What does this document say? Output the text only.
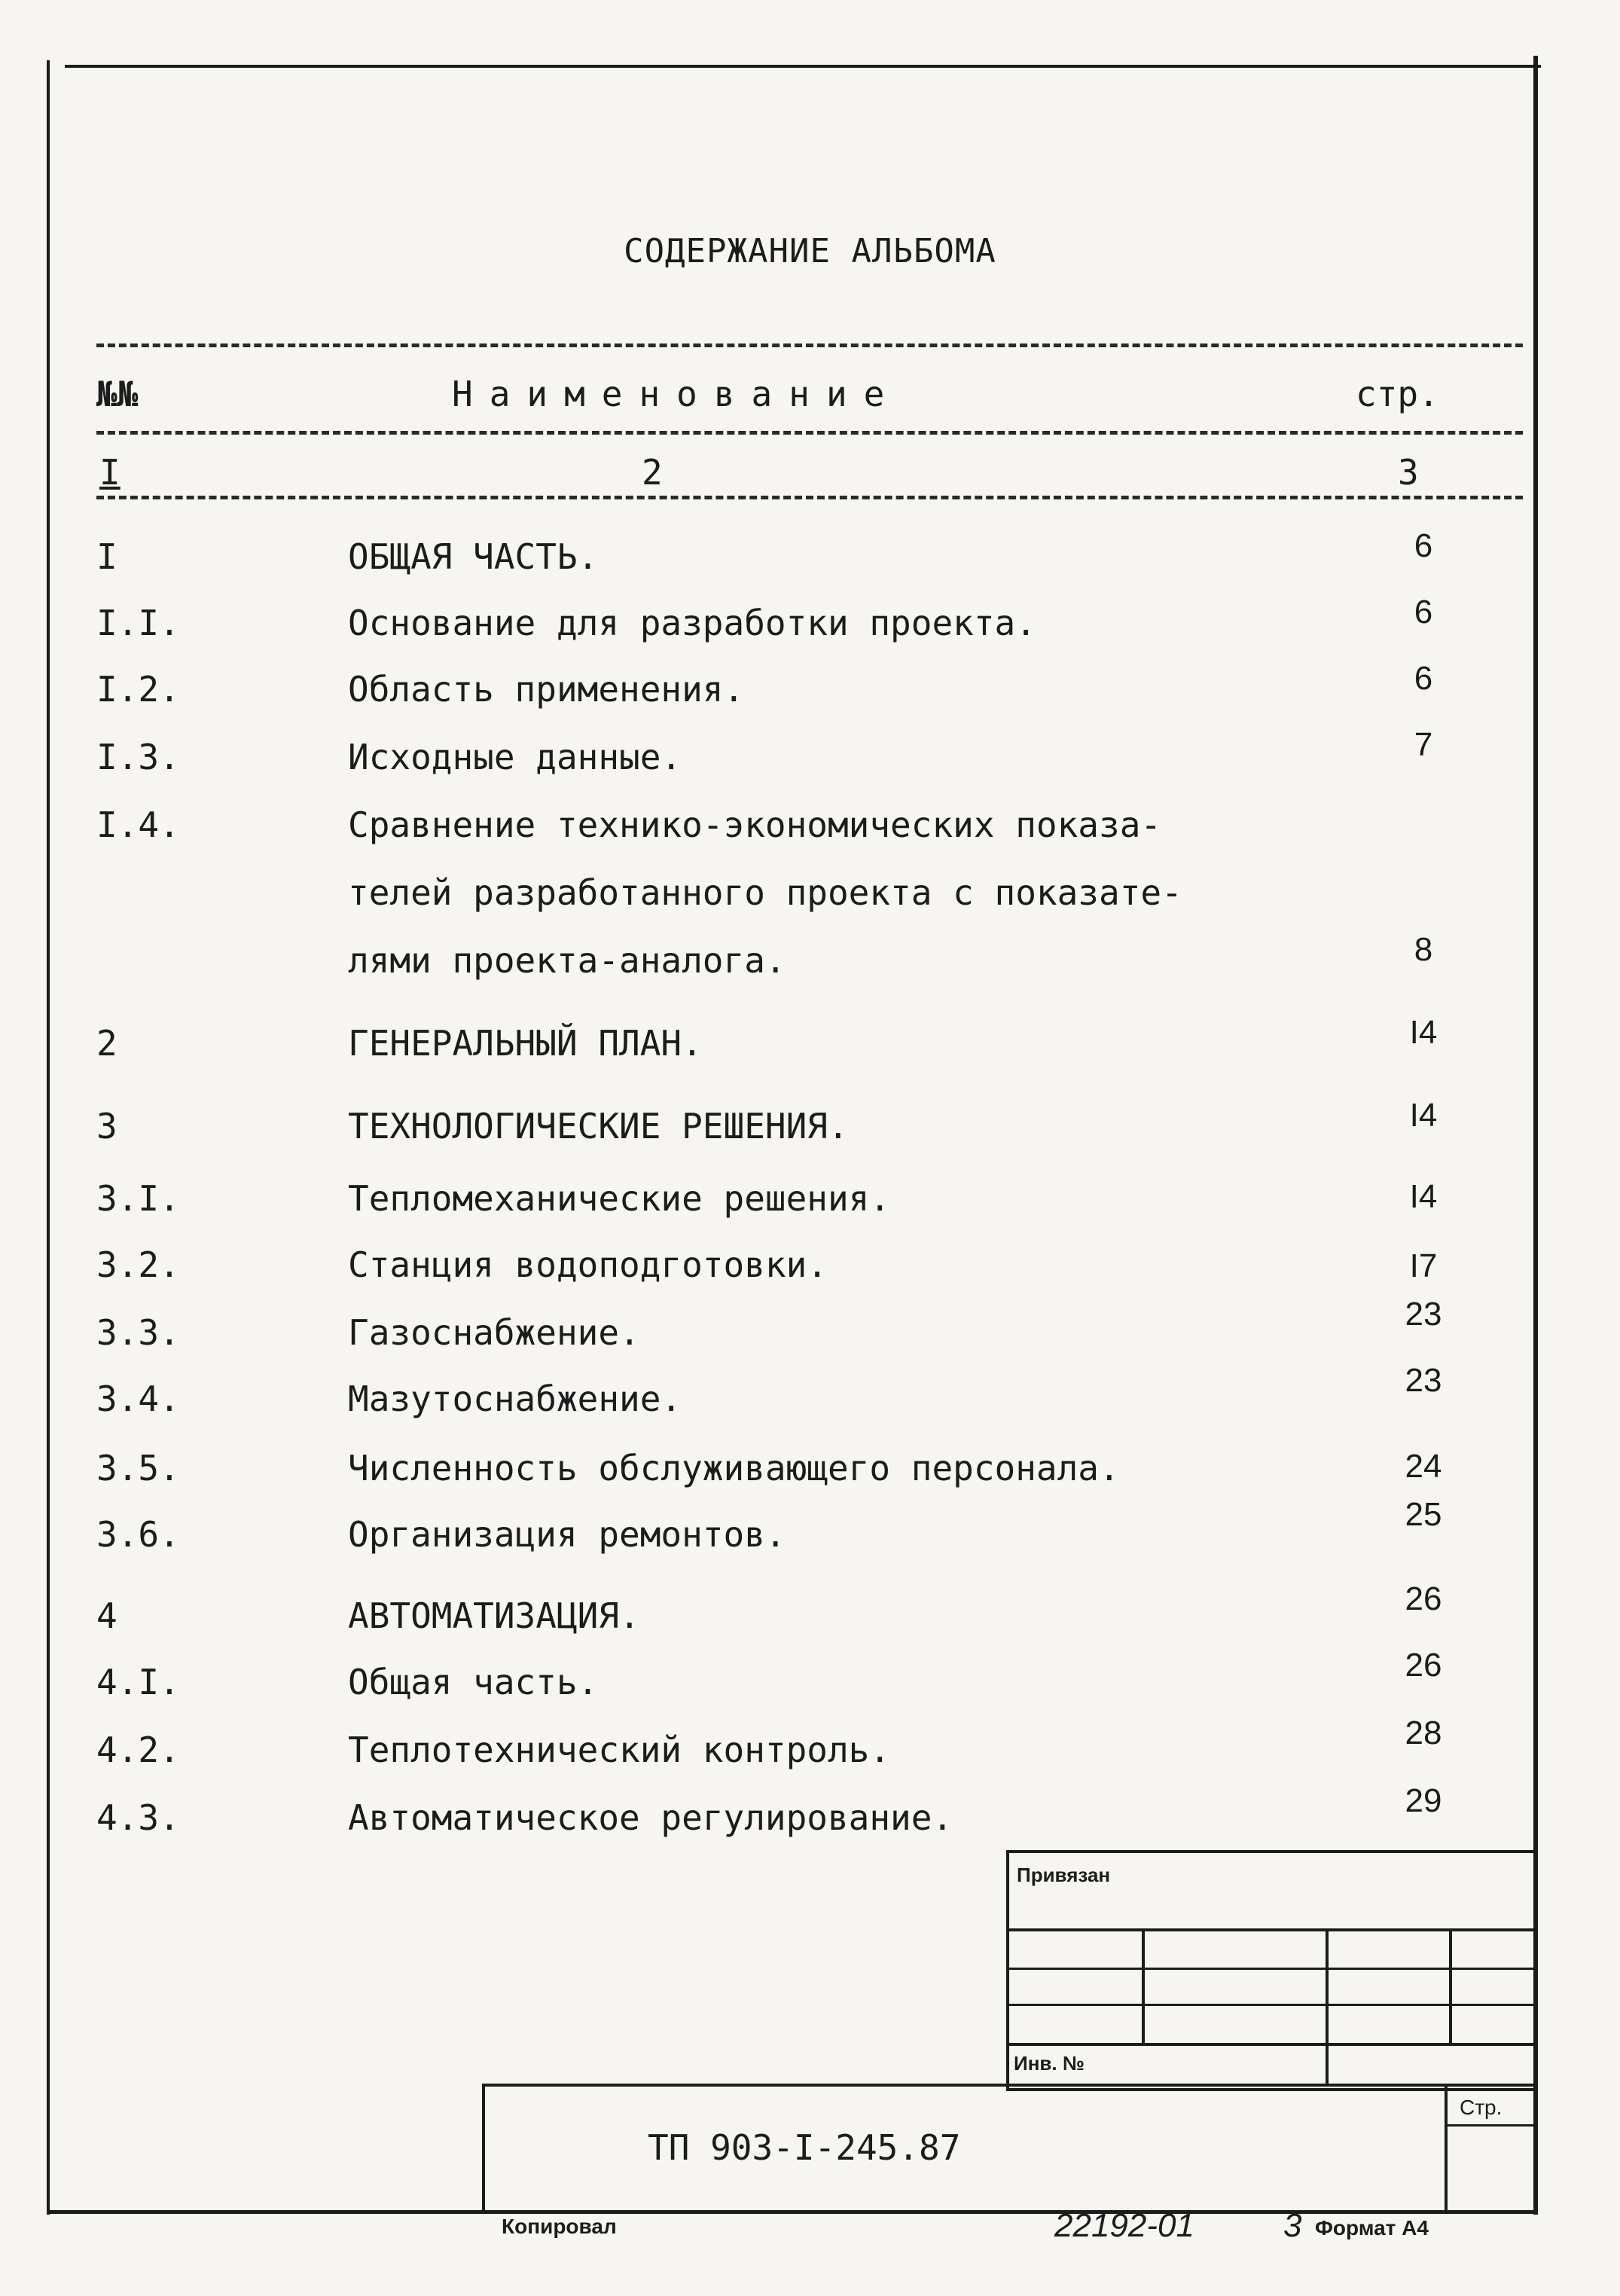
СОДЕРЖАНИЕ АЛЬБОМА
№№	Наименование	стр.
I	2	3
I	ОБЩАЯ ЧАСТЬ.	6
I.I.	Основание для разработки проекта.	6
I.2.	Область применения.	6
I.3.	Исходные данные.	7
I.4.	Сравнение технико-экономических показа-
телей разработанного проекта с показате-
лями проекта-аналога.	8
2	ГЕНЕРАЛЬНЫЙ ПЛАН.	I4
3	ТЕХНОЛОГИЧЕСКИЕ РЕШЕНИЯ.	I4
3.I.	Тепломеханические решения.	I4
3.2.	Станция водоподготовки.	I7
3.3.	Газоснабжение.	23
3.4.	Мазутоснабжение.	23
3.5.	Численность обслуживающего персонала.	24
3.6.	Организация ремонтов.	25
4	АВТОМАТИЗАЦИЯ.	26
4.I.	Общая часть.	26
4.2.	Теплотехнический контроль.	28
4.3.	Автоматическое регулирование.	29
Привязан
Инв. №
Стр.
ТП 903-I-245.87
Копировал	22192-01	3 Формат А4
